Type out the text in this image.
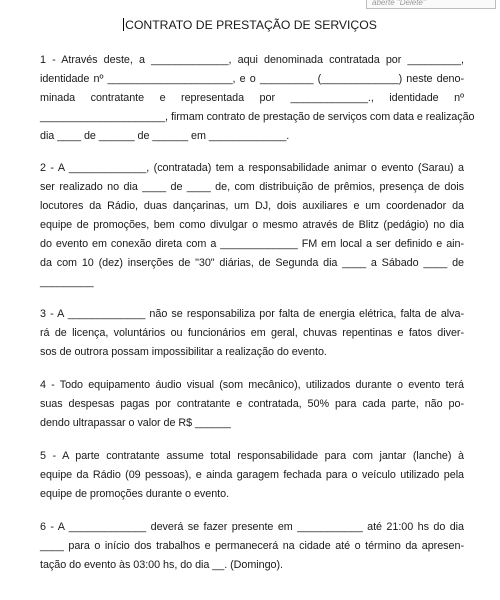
aberte "Delete"
CONTRATO DE PRESTAÇÃO DE SERVIÇOS
1 - Através deste, a _____________, aqui denominada contratada por _________,
identidade nº _____________________, e o _________ (_____________) neste deno-
minada contratante e representada por _____________., identidade nº
_____________________, firmam contrato de prestação de serviços com data e realização
dia ____ de ______ de ______ em _____________.
2 - A _____________, (contratada) tem a responsabilidade animar o evento (Sarau) a
ser realizado no dia ____ de ____ de, com distribuição de prêmios, presença de dois
locutores da Rádio, duas dançarinas, um DJ, dois auxiliares e um coordenador da
equipe de promoções, bem como divulgar o mesmo através de Blitz (pedágio) no dia
do evento em conexão direta com a _____________ FM em local a ser definido e ain-
da com 10 (dez) inserções de "30" diárias, de Segunda dia ____ a Sábado ____ de
_________
3 - A _____________ não se responsabiliza por falta de energia elétrica, falta de alva-
rá de licença, voluntários ou funcionários em geral, chuvas repentinas e fatos diver-
sos de outrora possam impossibilitar a realização do evento.
4 - Todo equipamento áudio visual (som mecânico), utilizados durante o evento terá
suas despesas pagas por contratante e contratada, 50% para cada parte, não po-
dendo ultrapassar o valor de R$ ______
5 - A parte contratante assume total responsabilidade para com jantar (lanche) à
equipe da Rádio (09 pessoas), e ainda garagem fechada para o veículo utilizado pela
equipe de promoções durante o evento.
6 - A _____________ deverá se fazer presente em ___________ até 21:00 hs do dia
____ para o início dos trabalhos e permanecerá na cidade até o término da apresen-
tação do evento às 03:00 hs, do dia __. (Domingo).
